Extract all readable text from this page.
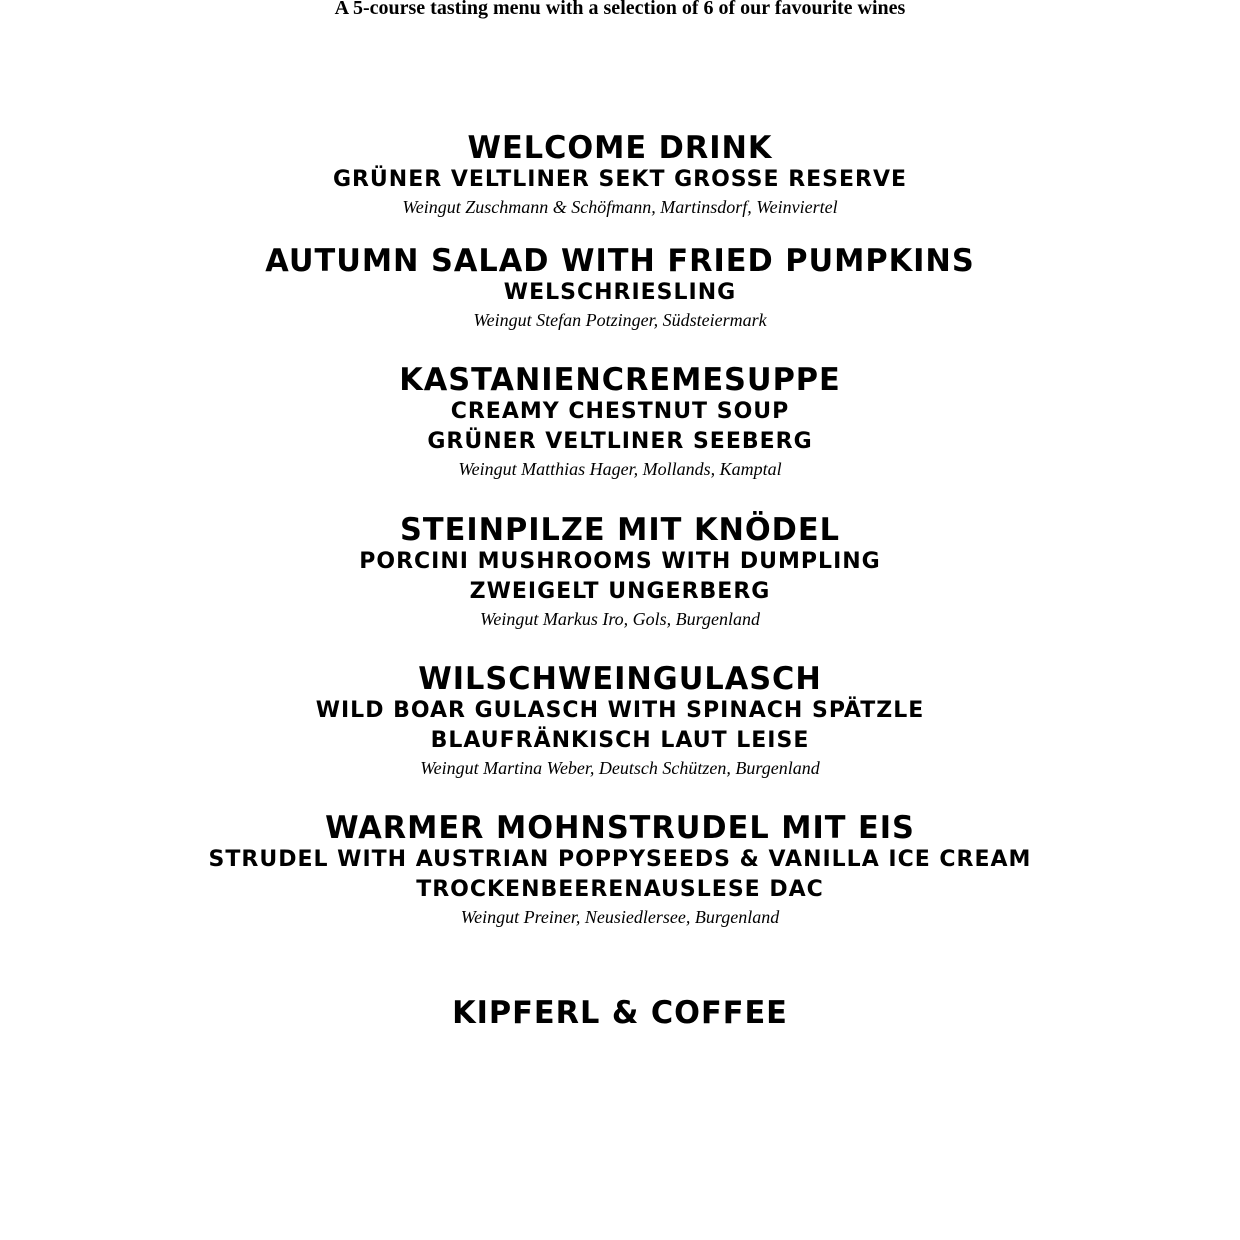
A 5-course tasting menu with a selection of 6 of our favourite wines
WELCOME DRINK
GRÜNER VELTLINER SEKT GROSSE RESERVE
Weingut Zuschmann & Schöfmann, Martinsdorf, Weinviertel
AUTUMN SALAD WITH FRIED PUMPKINS
WELSCHRIESLING
Weingut Stefan Potzinger, Südsteiermark
KASTANIENCREMESUPPE
CREAMY CHESTNUT SOUP
GRÜNER VELTLINER SEEBERG
Weingut Matthias Hager, Mollands, Kamptal
STEINPILZE MIT KNÖDEL
PORCINI MUSHROOMS WITH DUMPLING
ZWEIGELT UNGERBERG
Weingut Markus Iro, Gols, Burgenland
WILSCHWEINGULASCH
WILD BOAR GULASCH WITH SPINACH SPÄTZLE
BLAUFRÄNKISCH LAUT LEISE
Weingut Martina Weber, Deutsch Schützen, Burgenland
WARMER MOHNSTRUDEL MIT EIS
STRUDEL WITH AUSTRIAN POPPYSEEDS & VANILLA ICE CREAM
TROCKENBEERENAUSLESE DAC
Weingut Preiner, Neusiedlersee, Burgenland
KIPFERL & COFFEE
